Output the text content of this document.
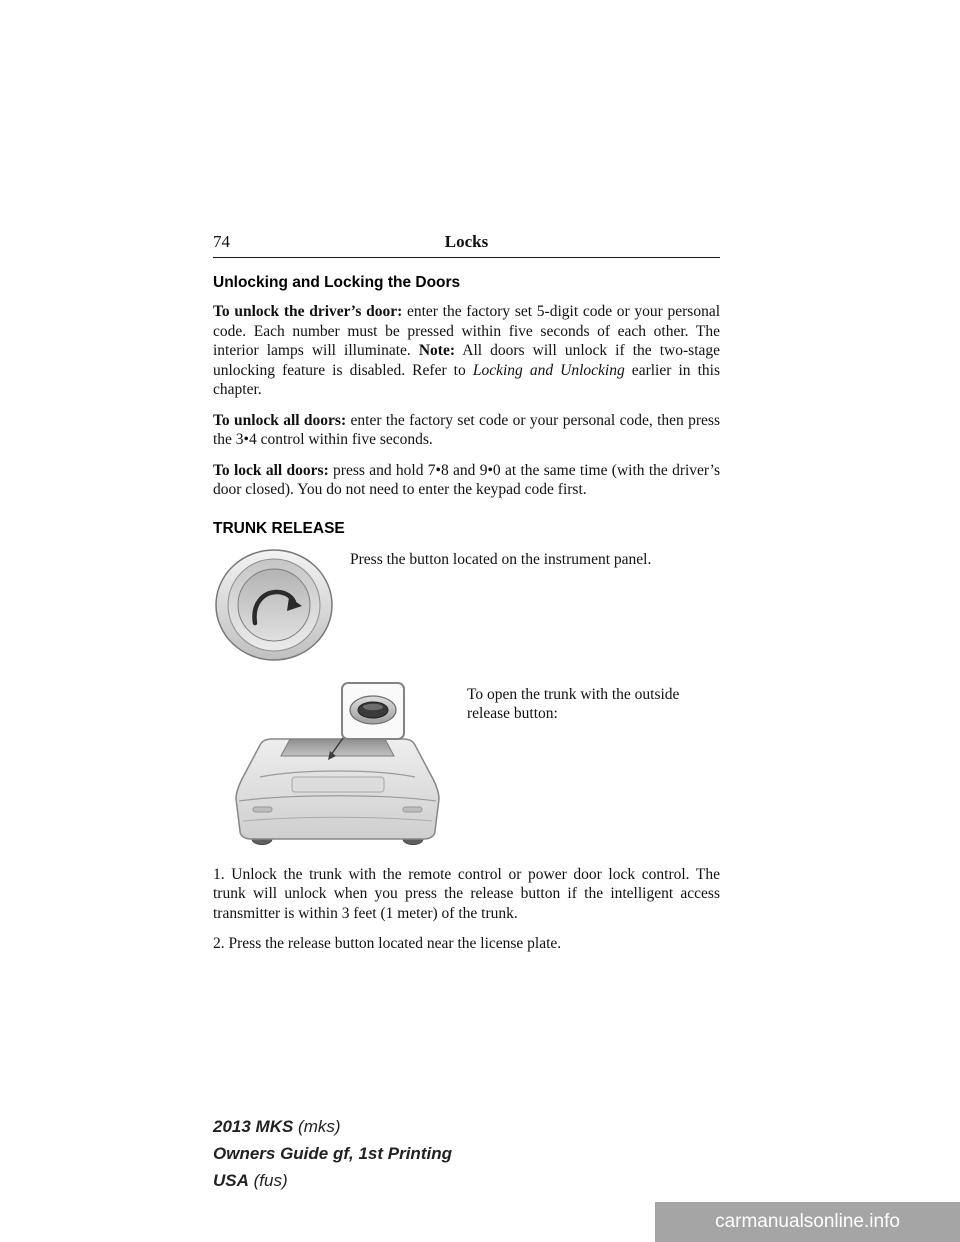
74	Locks
Unlocking and Locking the Doors

To unlock the driver’s door: enter the factory set 5-digit code or your personal code. Each number must be pressed within five seconds of each other. The interior lamps will illuminate. Note: All doors will unlock if the two-stage unlocking feature is disabled. Refer to Locking and Unlocking earlier in this chapter.

To unlock all doors: enter the factory set code or your personal code, then press the 3•4 control within five seconds.

To lock all doors: press and hold 7•8 and 9•0 at the same time (with the driver’s door closed). You do not need to enter the keypad code first.

TRUNK RELEASE
Press the button located on the instrument panel.
To open the trunk with the outside release button:

1. Unlock the trunk with the remote control or power door lock control. The trunk will unlock when you press the release button if the intelligent access transmitter is within 3 feet (1 meter) of the trunk.

2. Press the release button located near the license plate.

2013 MKS (mks)
Owners Guide gf, 1st Printing
USA (fus)
carmanualsonline.info
